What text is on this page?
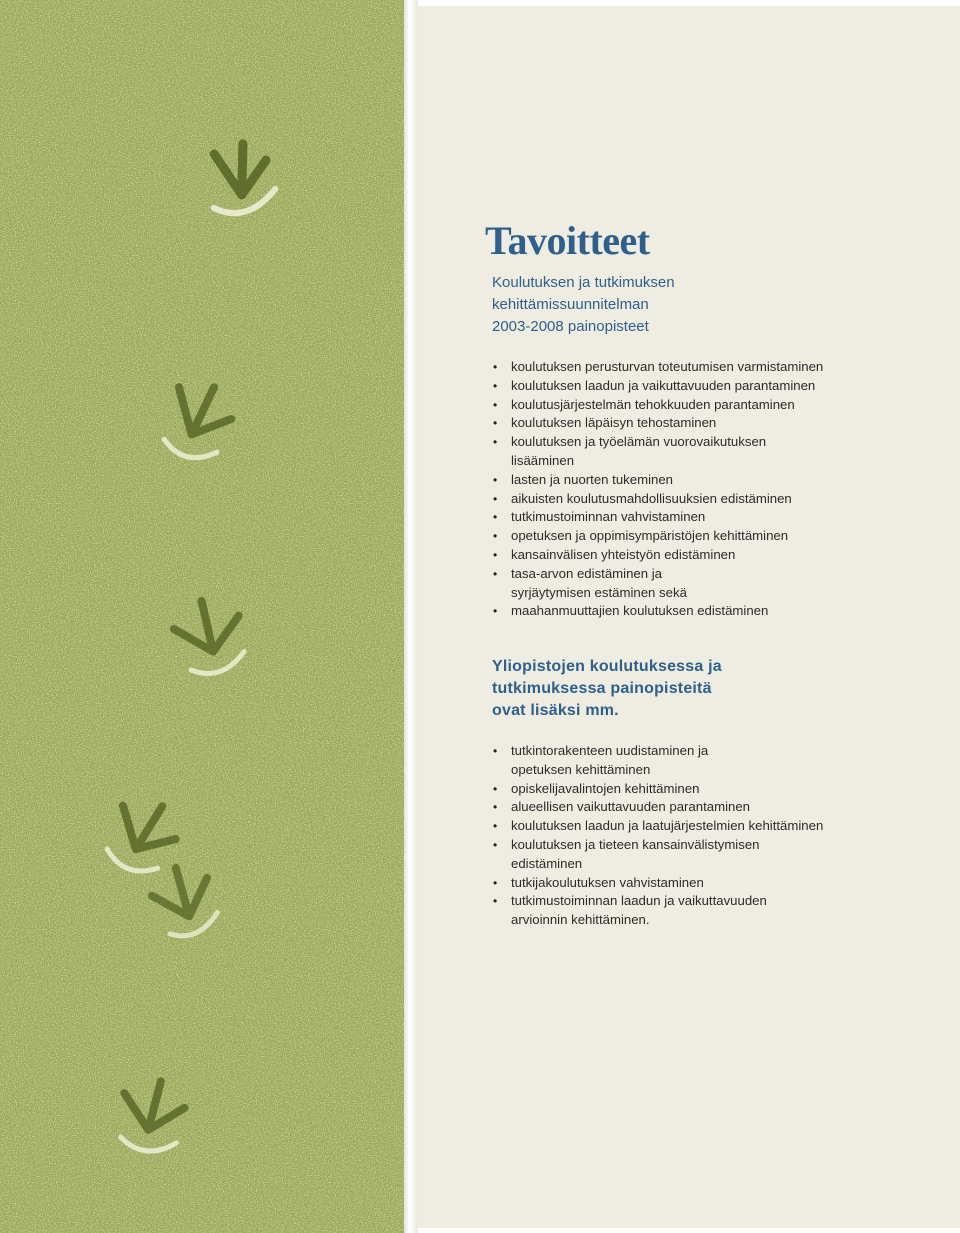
Tavoitteet
Koulutuksen ja tutkimuksen
kehittämissuunnitelman
2003-2008 painopisteet
• koulutuksen perusturvan toteutumisen varmistaminen
• koulutuksen laadun ja vaikuttavuuden parantaminen
• koulutusjärjestelmän tehokkuuden parantaminen
• koulutuksen läpäisyn tehostaminen
• koulutuksen ja työelämän vuorovaikutuksen
lisääminen
• lasten ja nuorten tukeminen
• aikuisten koulutusmahdollisuuksien edistäminen
• tutkimustoiminnan vahvistaminen
• opetuksen ja oppimisympäristöjen kehittäminen
• kansainvälisen yhteistyön edistäminen
• tasa-arvon edistäminen ja
syrjäytymisen estäminen sekä
• maahanmuuttajien koulutuksen edistäminen
Yliopistojen koulutuksessa ja
tutkimuksessa painopisteitä
ovat lisäksi mm.
• tutkintorakenteen uudistaminen ja
opetuksen kehittäminen
• opiskelijavalintojen kehittäminen
• alueellisen vaikuttavuuden parantaminen
• koulutuksen laadun ja laatujärjestelmien kehittäminen
• koulutuksen ja tieteen kansainvälistymisen
edistäminen
• tutkijakoulutuksen vahvistaminen
• tutkimustoiminnan laadun ja vaikuttavuuden
arvioinnin kehittäminen.
